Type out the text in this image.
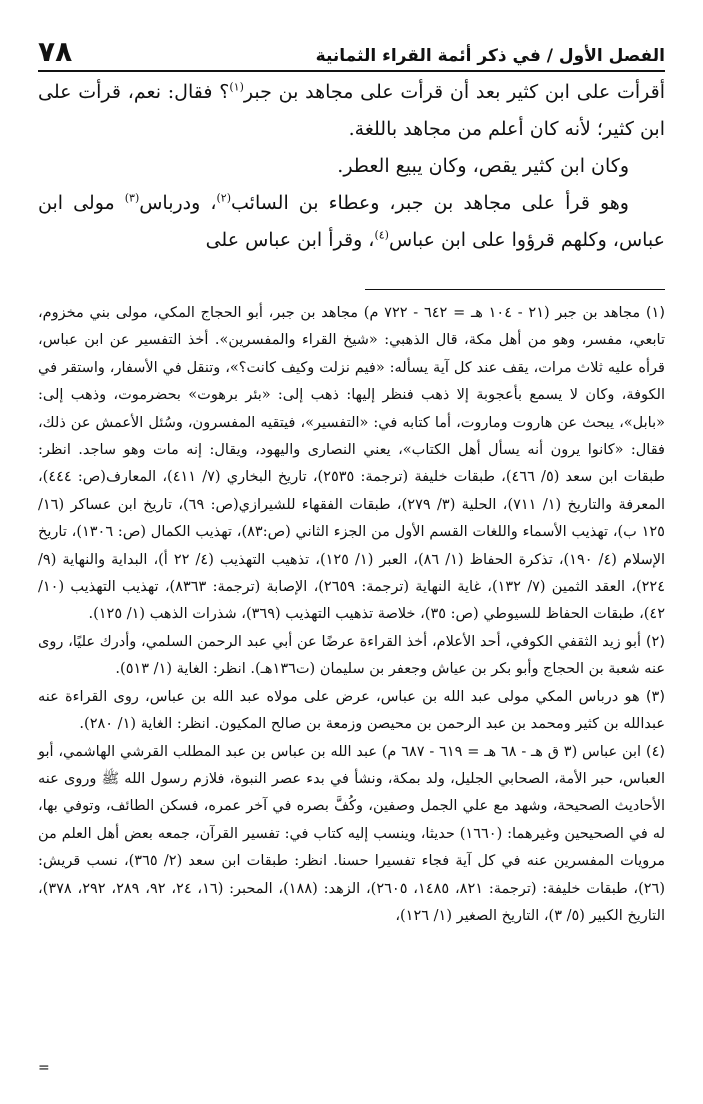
الفصل الأول / في ذكر أئمة القراء الثمانية
٧٨

أقرأت على ابن كثير بعد أن قرأت على مجاهد بن جبر$^{(١)}$؟ فقال: نعم، قرأت على ابن كثير؛ لأنه كان أعلم من مجاهد باللغة.

وكان ابن كثير يقص، وكان يبيع العطر.

وهو قرأ على مجاهد بن جبر، وعطاء بن السائب$^{(٢)}$، ودرباس$^{(٣)}$ مولى ابن عباس، وكلهم قرؤوا على ابن عباس$^{(٤)}$، وقرأ ابن عباس على

(١) مجاهد بن جبر (٢١ - ١٠٤ هـ = ٦٤٢ - ٧٢٢ م) مجاهد بن جبر، أبو الحجاج المكي، مولى بني مخزوم، تابعي، مفسر، وهو من أهل مكة، قال الذهبي: «شيخ القراء والمفسرين». أخذ التفسير عن ابن عباس، قرأه عليه ثلاث مرات، يقف عند كل آية يسأله: «فيم نزلت وكيف كانت؟»، وتنقل في الأسفار، واستقر في الكوفة، وكان لا يسمع بأعجوبة إلا ذهب فنظر إليها: ذهب إلى: «بئر برهوت» بحضرموت، وذهب إلى: «بابل»، يبحث عن هاروت وماروت، أما كتابه في: «التفسير»، فيتقيه المفسرون، وسُئل الأعمش عن ذلك، فقال: «كانوا يرون أنه يسأل أهل الكتاب»، يعني النصارى واليهود، ويقال: إنه مات وهو ساجد. انظر: طبقات ابن سعد (٥/ ٤٦٦)، طبقات خليفة (ترجمة: ٢٥٣٥)، تاريخ البخاري (٧/ ٤١١)، المعارف(ص: ٤٤٤)، المعرفة والتاريخ (١/ ٧١١)، الحلية (٣/ ٢٧٩)، طبقات الفقهاء للشيرازي(ص: ٦٩)، تاريخ ابن عساكر (١٦/ ١٢٥ ب)، تهذيب الأسماء واللغات القسم الأول من الجزء الثاني (ص:٨٣)، تهذيب الكمال (ص: ١٣٠٦)، تاريخ الإسلام (٤/ ١٩٠)، تذكرة الحفاظ (١/ ٨٦)، العبر (١/ ١٢٥)، تذهيب التهذيب (٤/ ٢٢ أ)، البداية والنهاية (٩/ ٢٢٤)، العقد الثمين (٧/ ١٣٢)، غاية النهاية (ترجمة: ٢٦٥٩)، الإصابة (ترجمة: ٨٣٦٣)، تهذيب التهذيب (١٠/ ٤٢)، طبقات الحفاظ للسيوطي (ص: ٣٥)، خلاصة تذهيب التهذيب (٣٦٩)، شذرات الذهب (١/ ١٢٥).

(٢) أبو زيد الثقفي الكوفي، أحد الأعلام، أخذ القراءة عرضًا عن أبي عبد الرحمن السلمي، وأدرك عليًا، روى عنه شعبة بن الحجاج وأبو بكر بن عياش وجعفر بن سليمان (ت١٣٦هـ). انظر: الغاية (١/ ٥١٣).

(٣) هو درباس المكي مولى عبد الله بن عباس، عرض على مولاه عبد الله بن عباس، روى القراءة عنه عبدالله بن كثير ومحمد بن عبد الرحمن بن محيصن وزمعة بن صالح المكيون. انظر: الغاية (١/ ٢٨٠).

(٤) ابن عباس (٣ ق هـ - ٦٨ هـ = ٦١٩ - ٦٨٧ م) عبد الله بن عباس بن عبد المطلب القرشي الهاشمي، أبو العباس، حبر الأمة، الصحابي الجليل، ولد بمكة، ونشأ في بدء عصر النبوة، فلازم رسول الله ﷺ وروى عنه الأحاديث الصحيحة، وشهد مع علي الجمل وصفين، وكُفَّ بصره في آخر عمره، فسكن الطائف، وتوفي بها، له في الصحيحين وغيرهما: (١٦٦٠) حديثا، وينسب إليه كتاب في: تفسير القرآن، جمعه بعض أهل العلم من مرويات المفسرين عنه في كل آية فجاء تفسيرا حسنا. انظر: طبقات ابن سعد (٢/ ٣٦٥)، نسب قريش: (٢٦)، طبقات خليفة: (ترجمة: ٨٢١، ١٤٨٥، ٢٦٠٥)، الزهد: (١٨٨)، المحبر: (١٦، ٢٤، ٩٢، ٢٨٩، ٢٩٢، ٣٧٨)، التاريخ الكبير (٥/ ٣)، التاريخ الصغير (١/ ١٢٦)،

=
